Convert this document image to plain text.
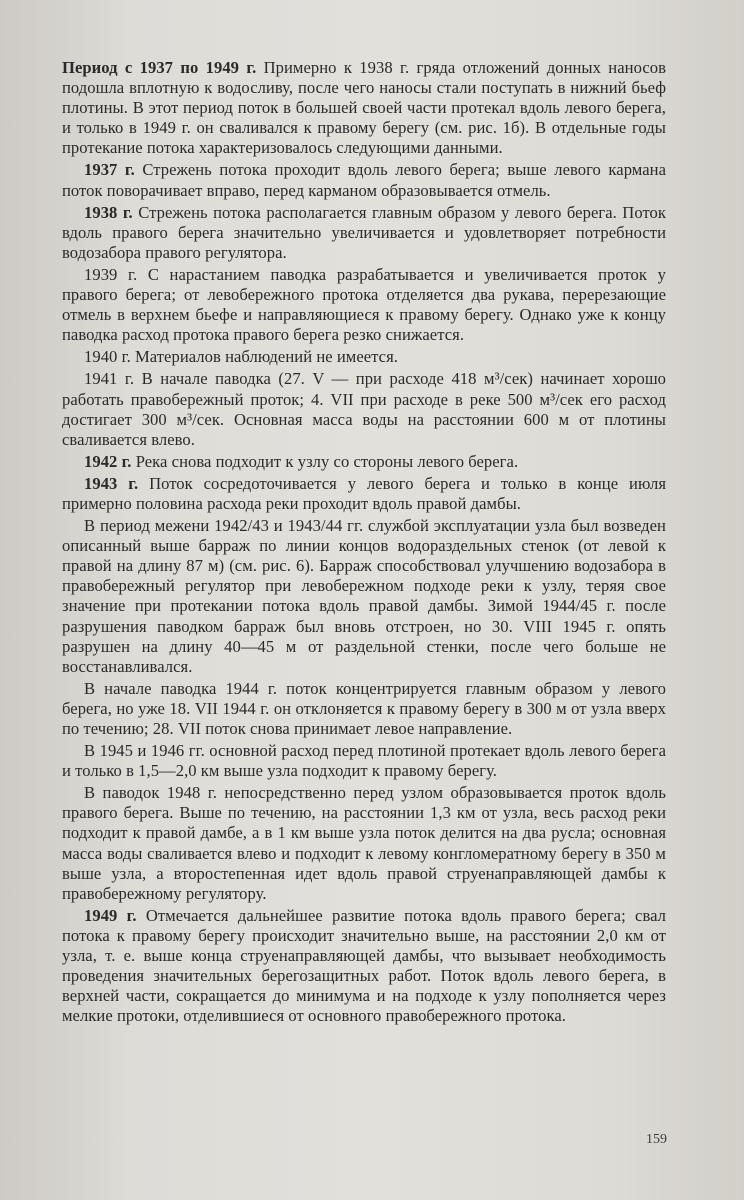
Период с 1937 по 1949 г. Примерно к 1938 г. гряда отложений донных наносов подошла вплотную к водосливу, после чего наносы стали поступать в нижний бьеф плотины. В этот период поток в большей своей части протекал вдоль левого берега, и только в 1949 г. он сваливался к правому берегу (см. рис. 1б). В отдельные годы протекание потока характеризовалось следующими данными.

1937 г. Стрежень потока проходит вдоль левого берега; выше левого кармана поток поворачивает вправо, перед карманом образовывается отмель.

1938 г. Стрежень потока располагается главным образом у левого берега. Поток вдоль правого берега значительно увеличивается и удовлетворяет потребности водозабора правого регулятора.

1939 г. С нарастанием паводка разрабатывается и увеличивается проток у правого берега; от левобережного протока отделяется два рукава, перерезающие отмель в верхнем бьефе и направляющиеся к правому берегу. Однако уже к концу паводка расход протока правого берега резко снижается.

1940 г. Материалов наблюдений не имеется.

1941 г. В начале паводка (27. V — при расходе 418 м³/сек) начинает хорошо работать правобережный проток; 4. VII при расходе в реке 500 м³/сек его расход достигает 300 м³/сек. Основная масса воды на расстоянии 600 м от плотины сваливается влево.

1942 г. Река снова подходит к узлу со стороны левого берега.

1943 г. Поток сосредоточивается у левого берега и только в конце июля примерно половина расхода реки проходит вдоль правой дамбы.

В период межени 1942/43 и 1943/44 гг. службой эксплуатации узла был возведен описанный выше барраж по линии концов водораздельных стенок (от левой к правой на длину 87 м) (см. рис. 6). Барраж способствовал улучшению водозабора в правобережный регулятор при левобережном подходе реки к узлу, теряя свое значение при протекании потока вдоль правой дамбы. Зимой 1944/45 г. после разрушения паводком барраж был вновь отстроен, но 30. VIII 1945 г. опять разрушен на длину 40—45 м от раздельной стенки, после чего больше не восстанавливался.

В начале паводка 1944 г. поток концентрируется главным образом у левого берега, но уже 18. VII 1944 г. он отклоняется к правому берегу в 300 м от узла вверх по течению; 28. VII поток снова принимает левое направление.

В 1945 и 1946 гг. основной расход перед плотиной протекает вдоль левого берега и только в 1,5—2,0 км выше узла подходит к правому берегу.

В паводок 1948 г. непосредственно перед узлом образовывается проток вдоль правого берега. Выше по течению, на расстоянии 1,3 км от узла, весь расход реки подходит к правой дамбе, а в 1 км выше узла поток делится на два русла; основная масса воды сваливается влево и подходит к левому конгломератному берегу в 350 м выше узла, а второстепенная идет вдоль правой струенаправляющей дамбы к правобережному регулятору.

1949 г. Отмечается дальнейшее развитие потока вдоль правого берега; свал потока к правому берегу происходит значительно выше, на расстоянии 2,0 км от узла, т. е. выше конца струенаправляющей дамбы, что вызывает необходимость проведения значительных берегозащитных работ. Поток вдоль левого берега, в верхней части, сокращается до минимума и на подходе к узлу пополняется через мелкие протоки, отделившиеся от основного правобережного протока.

159
